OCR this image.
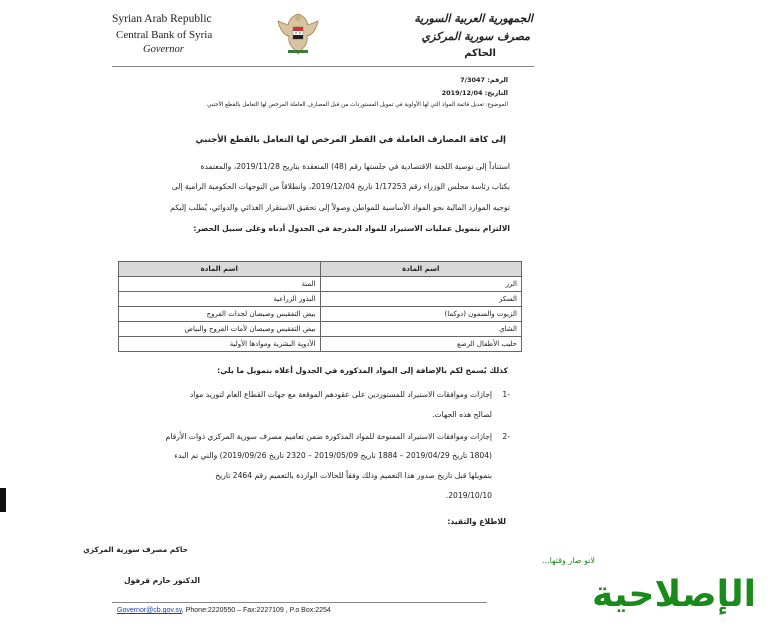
Syrian Arab Republic
Central Bank of Syria
Governor
الجمهورية العربية السورية
مصرف سورية المركزي
الحاكم
الرقم: 7/3047
التاريخ: 2019/12/04
الموضوع: تعديل قائمة المواد التي لها الأولوية في تمويل المستوردات من قبل المصارف العاملة المرخص لها التعامل بالقطع الأجنبي
إلى كافة المصارف العاملة في القطر المرخص لها التعامل بالقطع الأجنبي
استناداً إلى توصية اللجنة الاقتصادية في جلستها رقم (48) المنعقدة بتاريخ 2019/11/28، والمعتمدة
بكتاب رئاسة مجلس الوزراء رقم 1/17253 تاريخ 2019/12/04، وانطلاقاً من التوجهات الحكومية الرامية إلى
توجيه الموارد المالية نحو المواد الأساسية للمواطن وصولاً إلى تحقيق الاستقرار الغذائي والدوائي، يُطلب إليكم
الالتزام بتمويل عمليات الاستيراد للمواد المدرجة في الجدول أدناه وعلى سبيل الحصر:
اسم المادة	اسم المادة
الرز	المتة
السكر	البذور الزراعية
الزيوت والسمون (دوكما)	بيض التفقيس وصيصان لجدات الفروج
الشاي	بيض التفقيس وصيصان لأمات الفروج والبياض
حليب الأطفال الرضع	الأدوية البشرية وموادها الأولية
كذلك يُسمح لكم بالإضافة إلى المواد المذكورة في الجدول أعلاه بتمويل ما يلي:
-1
إجازات وموافقات الاستيراد للمستوردين على عقودهم الموقعة مع جهات القطاع العام لتوريد مواد
لصالح هذه الجهات.
-2
إجازات وموافقات الاستيراد الممنوحة للمواد المذكورة ضمن تعاميم مصرف سورية المركزي ذوات الأرقام
(1804 تاريخ 2019/04/29 – 1884 تاريخ 2019/05/09 – 2320 تاريخ 2019/09/26) والتي تم البدء
بتمويلها قبل تاريخ صدور هذا التعميم وذلك وفقاً للحالات الواردة بالتعميم رقم 2464 تاريخ
2019/10/10.
للاطلاع والتقيد:
حاكم مصرف سورية المركزي
الدكتور حازم قرفول
Governor@cb.gov.sy, Phone:2220550 – Fax:2227109 , P.o Box:2254
لانو صار وقتها...
الإصلاحية
